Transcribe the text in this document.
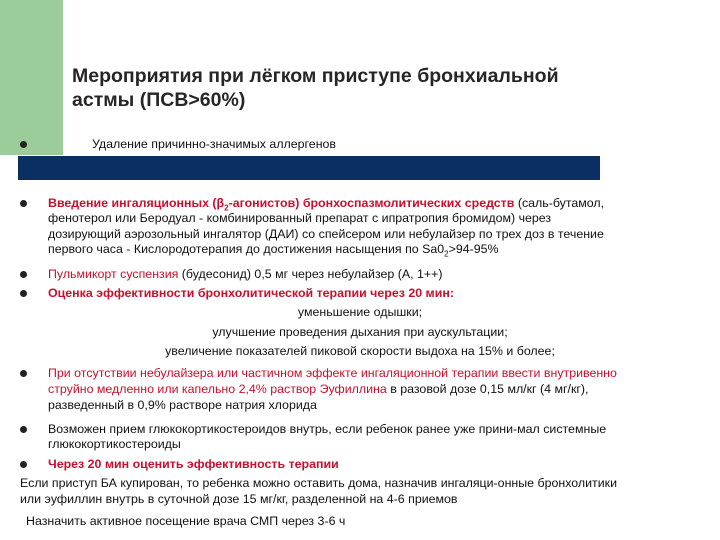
Мероприятия при лёгком приступе бронхиальной
астмы (ПСВ>60%)
Удаление причинно-значимых аллергенов
Введение ингаляционных $(\beta_2-агонистов)$ бронхоспазмолитических средств (саль-бутамол,
фенотерол или Беродуал - комбинированный препарат с ипратропия бромидом) через
дозирующий аэрозольный ингалятор (ДАИ) со спейсером или небулайзер по трех доз в течение
первого часа - Кислородотерапия до достижения насыщения по $Sa0_2>94-95\%$
Пульмикорт суспензия (будесонид) 0,5 мг через небулайзер (А, 1++)
Оценка эффективности бронхолитической терапии через 20 мин:
уменьшение одышки;
улучшение проведения дыхания при аускультации;
увеличение показателей пиковой скорости выдоха на 15% и более;
При отсутствии небулайзера или частичном эффекте ингаляционной терапии ввести внутривенно
струйно медленно или капельно 2,4% раствор Эуфиллина в разовой дозе 0,15 мл/кг (4 мг/кг),
разведенный в 0,9% растворе натрия хлорида
Возможен прием глюкокортикостероидов внутрь, если ребенок ранее уже прини-мал системные
глюкокортикостероиды
Через 20 мин оценить эффективность терапии
Если приступ БА купирован, то ребенка можно оставить дома, назначив ингаляци-онные бронхолитики
или эуфиллин внутрь в суточной дозе 15 мг/кг, разделенной на 4-6 приемов
Назначить активное посещение врача СМП через 3-6 ч
